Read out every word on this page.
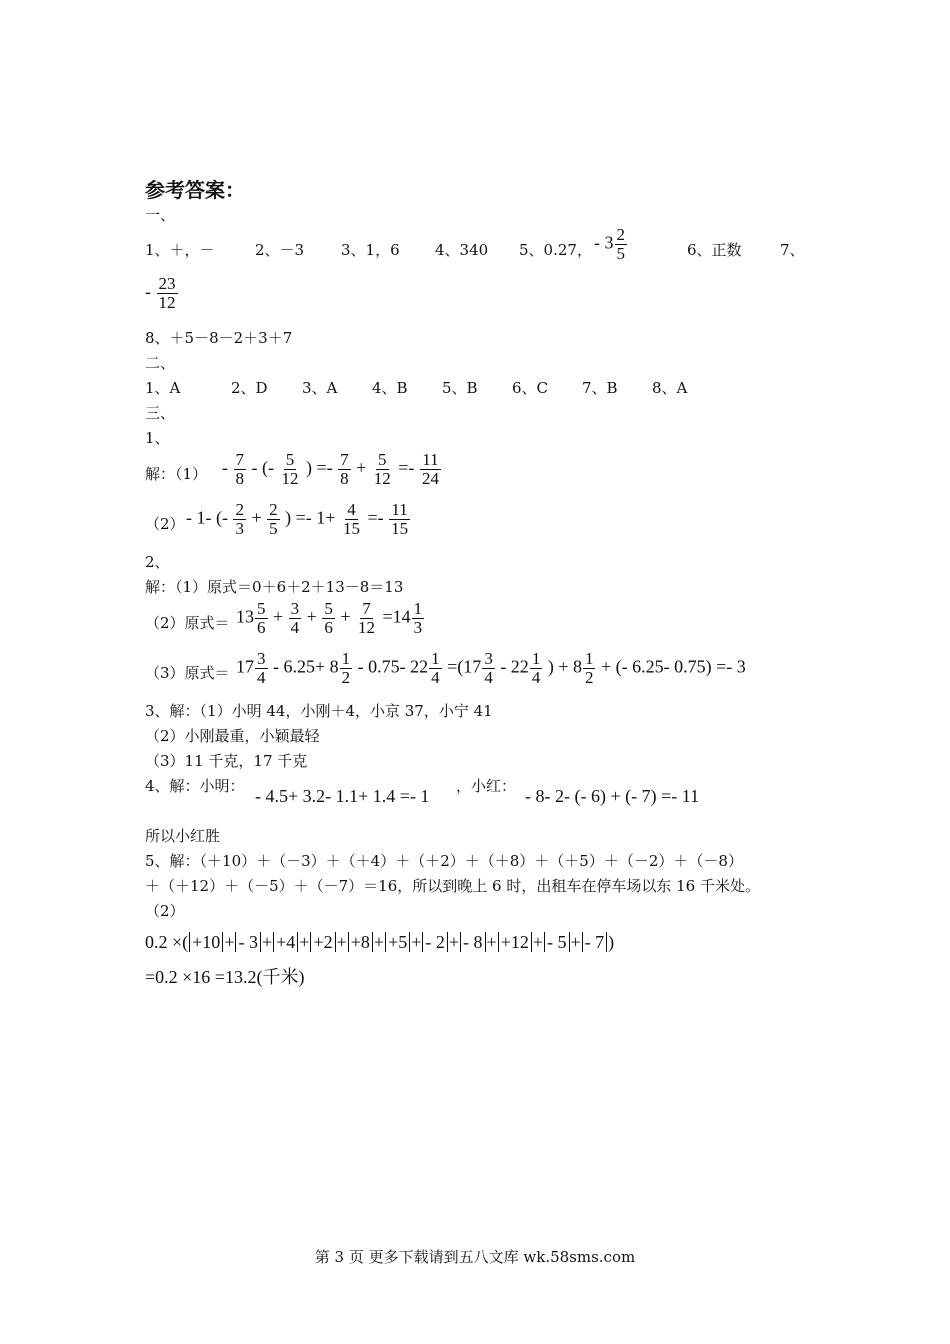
参考答案：
一、
1、＋，－	2、－3 3、1，6 4、340 5、0.27， - $3 \frac{2}{5}$	6、正数	7、
- $\frac{23}{12}$
8、＋5－8－2＋3＋7
二、
1、A	2、D 3、A 4、B 5、B 6、C 7、B 8、A
三、
1、
解：$(1) - \frac{7}{8}$ - (- $\frac{5}{12}$ ) =- $\frac{7}{8} + \frac{5}{12} =- \frac{11}{24}$
（2） - 1- (- $\frac{2}{3} + \frac{2}{5}$ ) =- $1+ \frac{4}{15} =- \frac{11}{15}$
2、
解：（1）原式＝0＋6＋2＋13－8＝13
（2）原式＝ $13 \frac{5}{6} + \frac{3}{4} + \frac{5}{6} + \frac{7}{12} =14 \frac{1}{3}$
（3）原式＝ $17 \frac{3}{4} - 6.25+ 8 \frac{1}{2} - 0.75-$ $22 \frac{1}{4} =(17 \frac{3}{4} - 22 \frac{1}{4}$ ) + $8 \frac{1}{2}$ + (- 6.25- 0.75) =- 3
3、解：（1）小明 44，小刚＋4，小京 37，小宁 41
（2）小刚最重，小颖最轻
（3）11 千克，17 千克
4、解：小明： - 4.5+ 3.2- 1.1+ 1.4 =- 1 ，小红： - 8- 2- (- 6) + (- 7) =- 11
所以小红胜
5、解：（＋10）＋（－3）＋（＋4）＋（＋2）＋（＋8）＋（＋5）＋（－2）＋（－8）
＋（＋12）＋（－5）＋（－7）＝16，所以到晚上 6 时，出租车在停车场以东 16 千米处。
（2）
0.2 ×( +10 + - 3 + +4 + +2 + +8 + +5 + - 2 + - 8 + +12 + - 5 + - 7 )
=0.2 ×16 =13.2(千米)
第 3 页 更多下载请到五八文库 wk.58sms.com
